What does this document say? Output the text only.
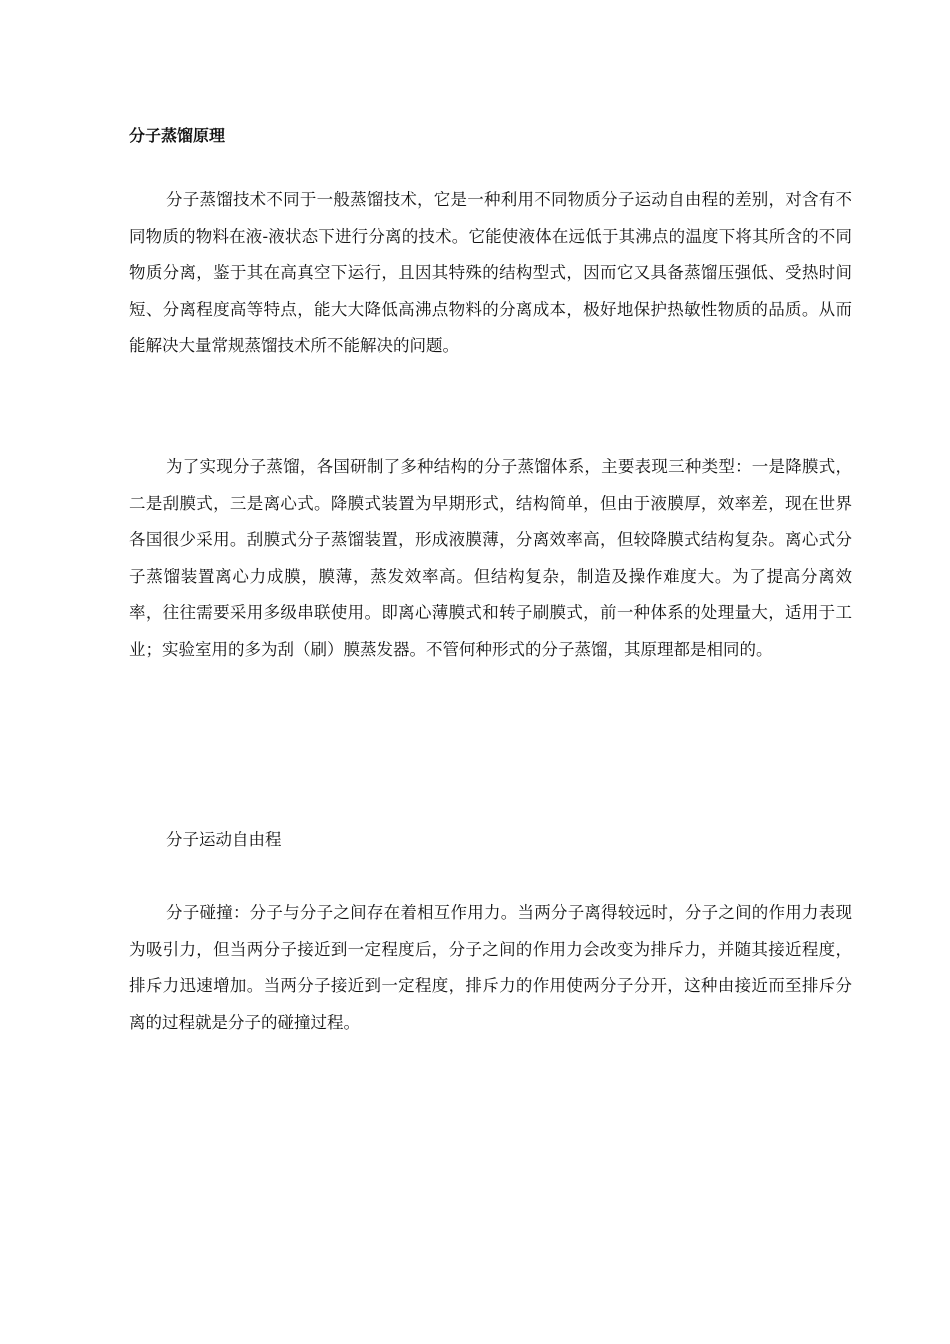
分子蒸馏原理

分子蒸馏技术不同于一般蒸馏技术，它是一种利用不同物质分子运动自由程的差别，对含有不同物质的物料在液-液状态下进行分离的技术。它能使液体在远低于其沸点的温度下将其所含的不同物质分离，鉴于其在高真空下运行，且因其特殊的结构型式，因而它又具备蒸馏压强低、受热时间短、分离程度高等特点，能大大降低高沸点物料的分离成本，极好地保护热敏性物质的品质。从而能解决大量常规蒸馏技术所不能解决的问题。

为了实现分子蒸馏，各国研制了多种结构的分子蒸馏体系，主要表现三种类型：一是降膜式，二是刮膜式，三是离心式。降膜式装置为早期形式，结构简单，但由于液膜厚，效率差，现在世界各国很少采用。刮膜式分子蒸馏装置，形成液膜薄，分离效率高，但较降膜式结构复杂。离心式分子蒸馏装置离心力成膜，膜薄，蒸发效率高。但结构复杂，制造及操作难度大。为了提高分离效率，往往需要采用多级串联使用。即离心薄膜式和转子刷膜式，前一种体系的处理量大，适用于工业；实验室用的多为刮（刷）膜蒸发器。不管何种形式的分子蒸馏，其原理都是相同的。

分子运动自由程

分子碰撞：分子与分子之间存在着相互作用力。当两分子离得较远时，分子之间的作用力表现为吸引力，但当两分子接近到一定程度后，分子之间的作用力会改变为排斥力，并随其接近程度，排斥力迅速增加。当两分子接近到一定程度，排斥力的作用使两分子分开，这种由接近而至排斥分离的过程就是分子的碰撞过程。
